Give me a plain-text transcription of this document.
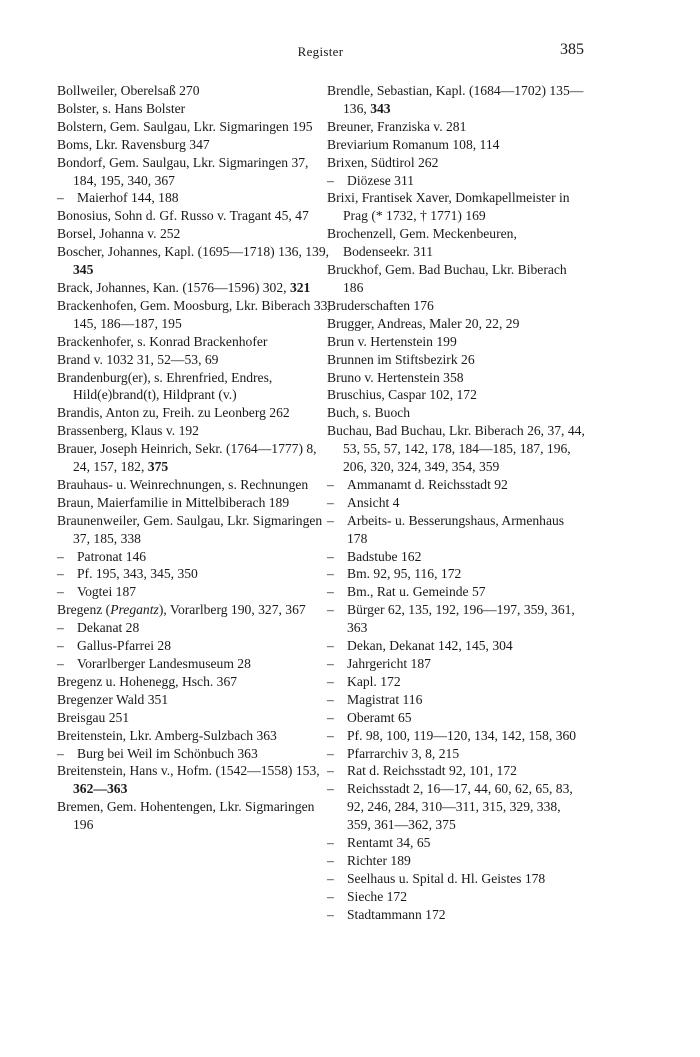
Register	385
Bollweiler, Oberelsaß 270
Bolster, s. Hans Bolster
Bolstern, Gem. Saulgau, Lkr. Sigmaringen 195
Boms, Lkr. Ravensburg 347
Bondorf, Gem. Saulgau, Lkr. Sigmaringen 37, 184, 195, 340, 367
– Maierhof 144, 188
Bonosius, Sohn d. Gf. Russo v. Tragant 45, 47
Borsel, Johanna v. 252
Boscher, Johannes, Kapl. (1695—1718) 136, 139, 345
Brack, Johannes, Kan. (1576—1596) 302, 321
Brackenhofen, Gem. Moosburg, Lkr. Biberach 33, 145, 186—187, 195
Brackenhofer, s. Konrad Brackenhofer
Brand v. 1032 31, 52—53, 69
Brandenburg(er), s. Ehrenfried, Endres, Hild(e)brand(t), Hildprant (v.)
Brandis, Anton zu, Freih. zu Leonberg 262
Brassenberg, Klaus v. 192
Brauer, Joseph Heinrich, Sekr. (1764—1777) 8, 24, 157, 182, 375
Brauhaus- u. Weinrechnungen, s. Rechnungen
Braun, Maierfamilie in Mittelbiberach 189
Braunenweiler, Gem. Saulgau, Lkr. Sigmaringen 37, 185, 338
– Patronat 146
– Pf. 195, 343, 345, 350
– Vogtei 187
Bregenz (Pregantz), Vorarlberg 190, 327, 367
– Dekanat 28
– Gallus-Pfarrei 28
– Vorarlberger Landesmuseum 28
Bregenz u. Hohenegg, Hsch. 367
Bregenzer Wald 351
Breisgau 251
Breitenstein, Lkr. Amberg-Sulzbach 363
– Burg bei Weil im Schönbuch 363
Breitenstein, Hans v., Hofm. (1542—1558) 153, 362—363
Bremen, Gem. Hohentengen, Lkr. Sigmaringen 196
Brendle, Sebastian, Kapl. (1684—1702) 135—136, 343
Breuner, Franziska v. 281
Breviarium Romanum 108, 114
Brixen, Südtirol 262
– Diözese 311
Brixi, Frantisek Xaver, Domkapellmeister in Prag (* 1732, † 1771) 169
Brochenzell, Gem. Meckenbeuren, Bodenseekr. 311
Bruckhof, Gem. Bad Buchau, Lkr. Biberach 186
Bruderschaften 176
Brugger, Andreas, Maler 20, 22, 29
Brun v. Hertenstein 199
Brunnen im Stiftsbezirk 26
Bruno v. Hertenstein 358
Bruschius, Caspar 102, 172
Buch, s. Buoch
Buchau, Bad Buchau, Lkr. Biberach 26, 37, 44, 53, 55, 57, 142, 178, 184—185, 187, 196, 206, 320, 324, 349, 354, 359
– Ammanamt d. Reichsstadt 92
– Ansicht 4
– Arbeits- u. Besserungshaus, Armenhaus 178
– Badstube 162
– Bm. 92, 95, 116, 172
– Bm., Rat u. Gemeinde 57
– Bürger 62, 135, 192, 196—197, 359, 361, 363
– Dekan, Dekanat 142, 145, 304
– Jahrgericht 187
– Kapl. 172
– Magistrat 116
– Oberamt 65
– Pf. 98, 100, 119—120, 134, 142, 158, 360
– Pfarrarchiv 3, 8, 215
– Rat d. Reichsstadt 92, 101, 172
– Reichsstadt 2, 16—17, 44, 60, 62, 65, 83, 92, 246, 284, 310—311, 315, 329, 338, 359, 361—362, 375
– Rentamt 34, 65
– Richter 189
– Seelhaus u. Spital d. Hl. Geistes 178
– Sieche 172
– Stadtammann 172
